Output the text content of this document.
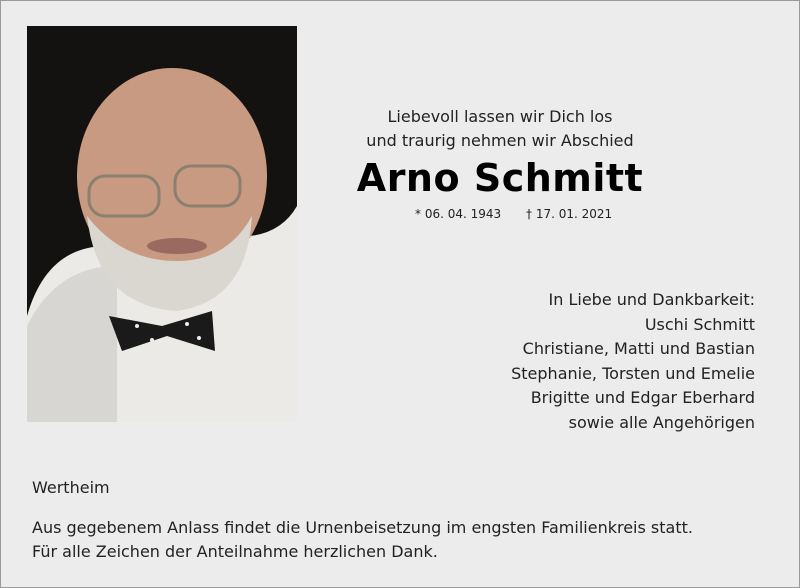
Liebevoll lassen wir Dich los
und traurig nehmen wir Abschied
Arno Schmitt
* 06. 04. 1943 † 17. 01. 2021
In Liebe und Dankbarkeit:
Uschi Schmitt
Christiane, Matti und Bastian
Stephanie, Torsten und Emelie
Brigitte und Edgar Eberhard
sowie alle Angehörigen
Wertheim
Aus gegebenem Anlass findet die Urnenbeisetzung im engsten Familienkreis statt.
Für alle Zeichen der Anteilnahme herzlichen Dank.
